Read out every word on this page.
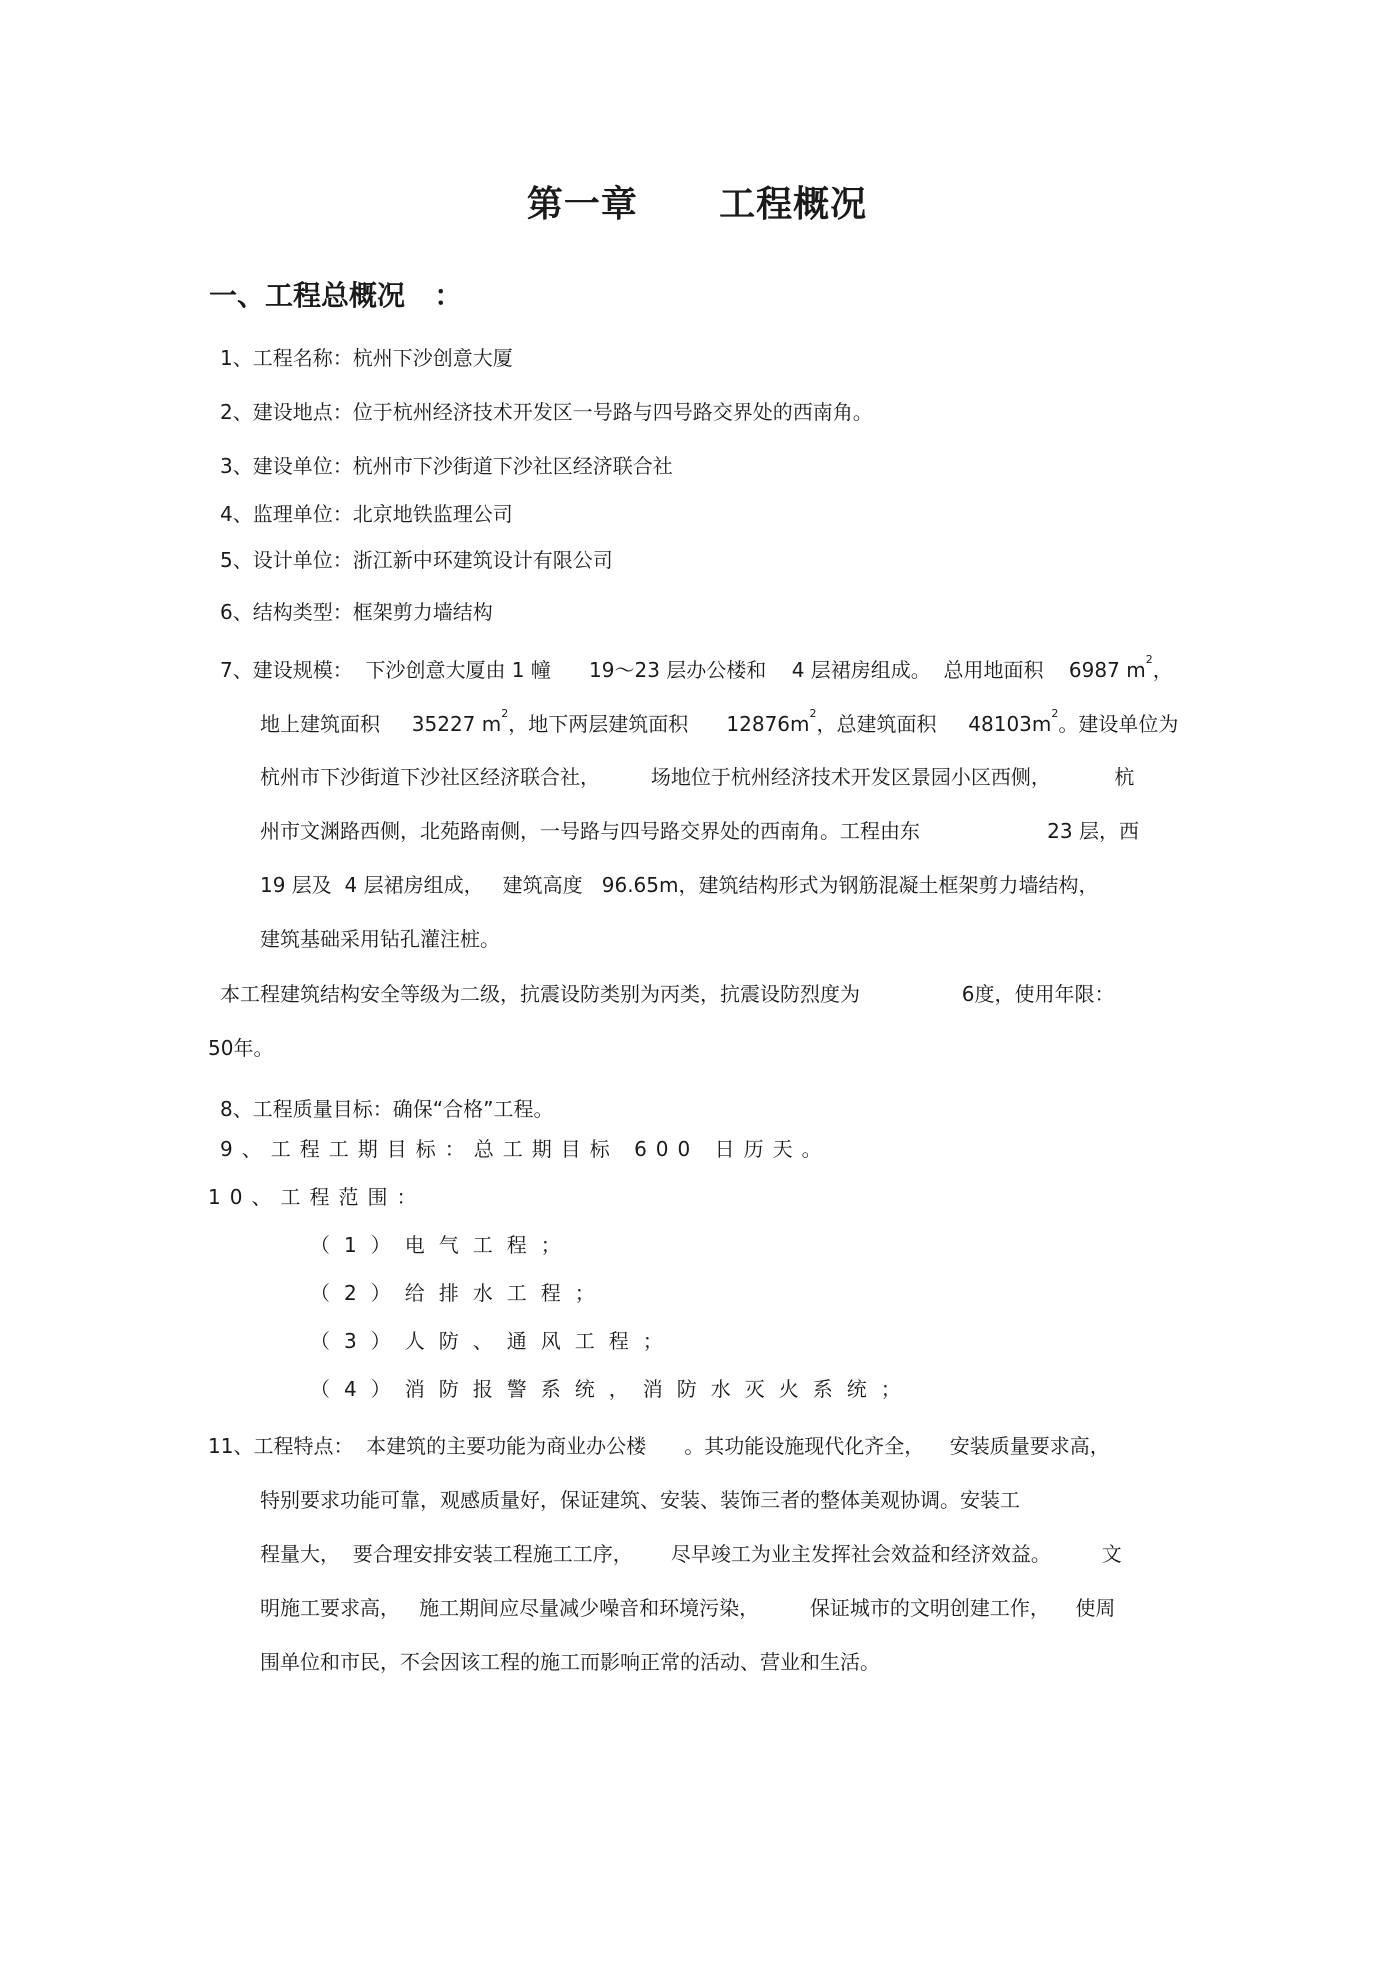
第一章      工程概况
一、工程总概况   ：
1、工程名称：杭州下沙创意大厦
2、建设地点：位于杭州经济技术开发区一号路与四号路交界处的西南角。
3、建设单位：杭州市下沙街道下沙社区经济联合社
4、监理单位：北京地铁监理公司
5、设计单位：浙江新中环建筑设计有限公司
6、结构类型：框架剪力墙结构
7、建设规模：  下沙创意大厦由 1 幢      19～23 层办公楼和    4 层裙房组成。  总用地面积    6987 $m^2$，
地上建筑面积     35227 $m^2$，地下两层建筑面积      $12876m^2$，总建筑面积     $48103m^2$。建设单位为
杭州市下沙街道下沙社区经济联合社，        场地位于杭州经济技术开发区景园小区西侧，          杭
州市文渊路西侧，北苑路南侧，一号路与四号路交界处的西南角。工程由东                    23 层，西
19 层及  4 层裙房组成，   建筑高度   96.65m，建筑结构形式为钢筋混凝土框架剪力墙结构，
建筑基础采用钻孔灌注桩。
本工程建筑结构安全等级为二级，抗震设防类别为丙类，抗震设防烈度为                6度，使用年限：
50年。
8、工程质量目标：确保“合格”工程。
9、工程工期目标：总工期目标 600 日历天。
10、工程范围：
（1）电气工程；
（2）给排水工程；
（3）人防、通风工程；
（4）消防报警系统，消防水灭火系统；
11、工程特点：  本建筑的主要功能为商业办公楼      。其功能设施现代化齐全，    安装质量要求高，
特别要求功能可靠，观感质量好，保证建筑、安装、装饰三者的整体美观协调。安装工
程量大，  要合理安排安装工程施工工序，      尽早竣工为业主发挥社会效益和经济效益。        文
明施工要求高，   施工期间应尽量减少噪音和环境污染，        保证城市的文明创建工作，    使周
围单位和市民，不会因该工程的施工而影响正常的活动、营业和生活。
